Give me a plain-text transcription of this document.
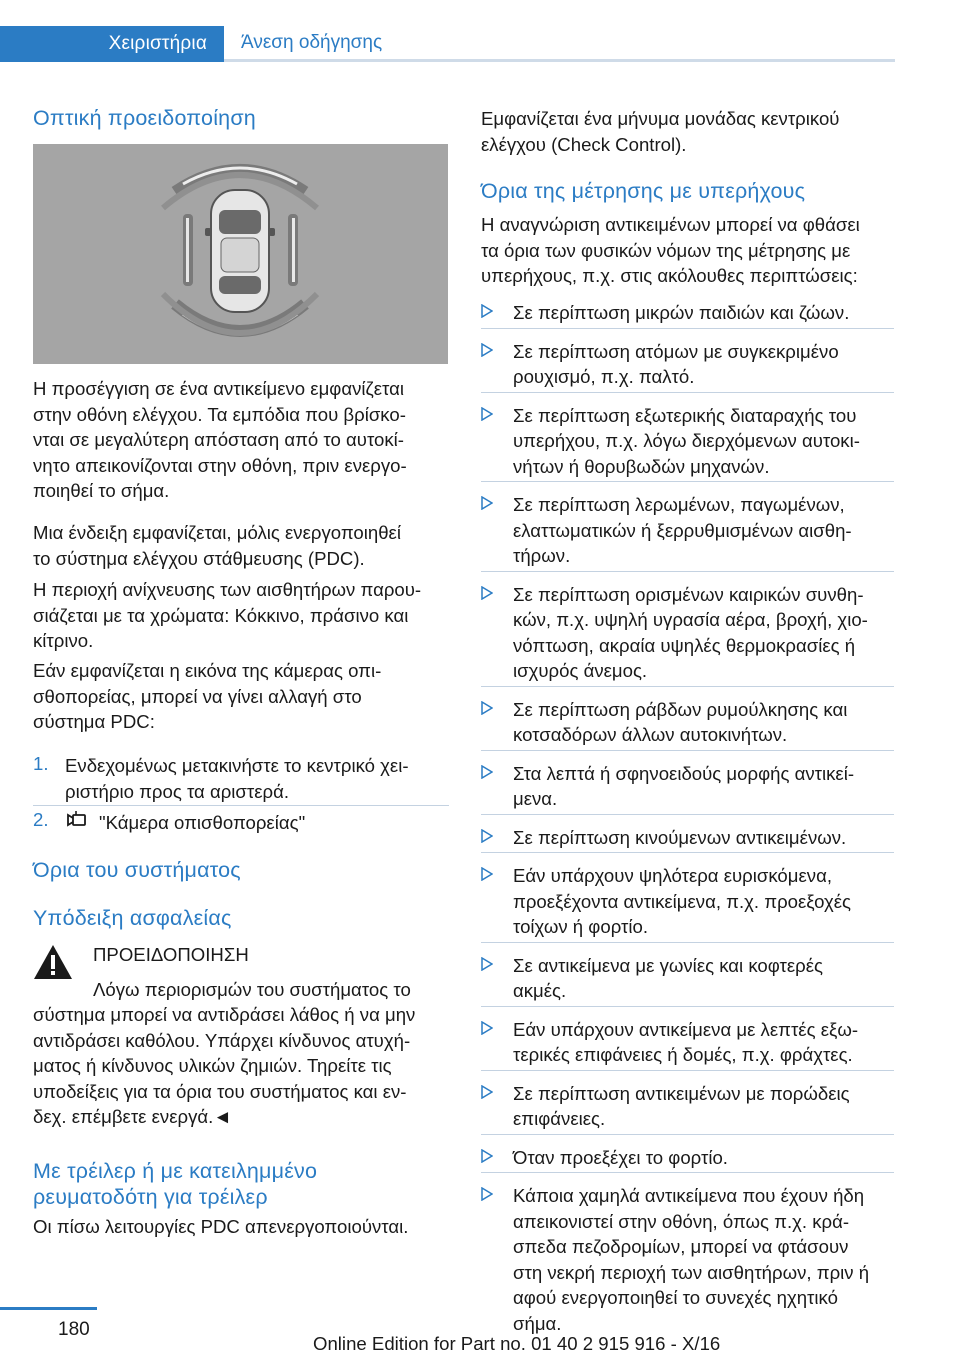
Χειριστήρια	Άνεση οδήγησης
Οπτική προειδοποίηση
Η προσέγγιση σε ένα αντικείμενο εμφανίζεται
στην οθόνη ελέγχου. Τα εμπόδια που βρίσκο‐
νται σε μεγαλύτερη απόσταση από το αυτοκί‐
νητο απεικονίζονται στην οθόνη, πριν ενεργο‐
ποιηθεί το σήμα.
Μια ένδειξη εμφανίζεται, μόλις ενεργοποιηθεί
το σύστημα ελέγχου στάθμευσης (PDC).
Η περιοχή ανίχνευσης των αισθητήρων παρου‐
σιάζεται με τα χρώματα: Κόκκινο, πράσινο και
κίτρινο.
Εάν εμφανίζεται η εικόνα της κάμερας οπι‐
σθοπορείας, μπορεί να γίνει αλλαγή στο
σύστημα PDC:
1. Ενδεχομένως μετακινήστε το κεντρικό χει‐
ριστήριο προς τα αριστερά.
2.	"Κάμερα οπισθοπορείας"
Όρια του συστήματος
Υπόδειξη ασφαλείας
ΠΡΟΕΙΔΟΠΟΙΗΣΗ
Λόγω περιορισμών του συστήματος το
σύστημα μπορεί να αντιδράσει λάθος ή να μην
αντιδράσει καθόλου. Υπάρχει κίνδυνος ατυχή‐
ματος ή κίνδυνος υλικών ζημιών. Τηρείτε τις
υποδείξεις για τα όρια του συστήματος και εν‐
δεχ. επέμβετε ενεργά.◄
Με τρέιλερ ή με κατειλημμένο
ρευματοδότη για τρέιλερ
Οι πίσω λειτουργίες PDC απενεργοποιούνται.
Εμφανίζεται ένα μήνυμα μονάδας κεντρικού
ελέγχου (Check Control).
Όρια της μέτρησης με υπερήχους
Η αναγνώριση αντικειμένων μπορεί να φθάσει
τα όρια των φυσικών νόμων της μέτρησης με
υπερήχους, π.χ. στις ακόλουθες περιπτώσεις:
Σε περίπτωση μικρών παιδιών και ζώων.
Σε περίπτωση ατόμων με συγκεκριμένο
ρουχισμό, π.χ. παλτό.
Σε περίπτωση εξωτερικής διαταραχής του
υπερήχου, π.χ. λόγω διερχόμενων αυτοκι‐
νήτων ή θορυβωδών μηχανών.
Σε περίπτωση λερωμένων, παγωμένων,
ελαττωματικών ή ξερρυθμισμένων αισθη‐
τήρων.
Σε περίπτωση ορισμένων καιρικών συνθη‐
κών, π.χ. υψηλή υγρασία αέρα, βροχή, χιο‐
νόπτωση, ακραία υψηλές θερμοκρασίες ή
ισχυρός άνεμος.
Σε περίπτωση ράβδων ρυμούλκησης και
κοτσαδόρων άλλων αυτοκινήτων.
Στα λεπτά ή σφηνοειδούς μορφής αντικεί‐
μενα.
Σε περίπτωση κινούμενων αντικειμένων.
Εάν υπάρχουν ψηλότερα ευρισκόμενα,
προεξέχοντα αντικείμενα, π.χ. προεξοχές
τοίχων ή φορτίο.
Σε αντικείμενα με γωνίες και κοφτερές
ακμές.
Εάν υπάρχουν αντικείμενα με λεπτές εξω‐
τερικές επιφάνειες ή δομές, π.χ. φράχτες.
Σε περίπτωση αντικειμένων με πορώδεις
επιφάνειες.
Όταν προεξέχει το φορτίο.
Κάποια χαμηλά αντικείμενα που έχουν ήδη
απεικονιστεί στην οθόνη, όπως π.χ. κρά‐
σπεδα πεζοδρομίων, μπορεί να φτάσουν
στη νεκρή περιοχή των αισθητήρων, πριν ή
αφού ενεργοποιηθεί το συνεχές ηχητικό
σήμα.
180
Online Edition for Part no. 01 40 2 915 916 - X/16
